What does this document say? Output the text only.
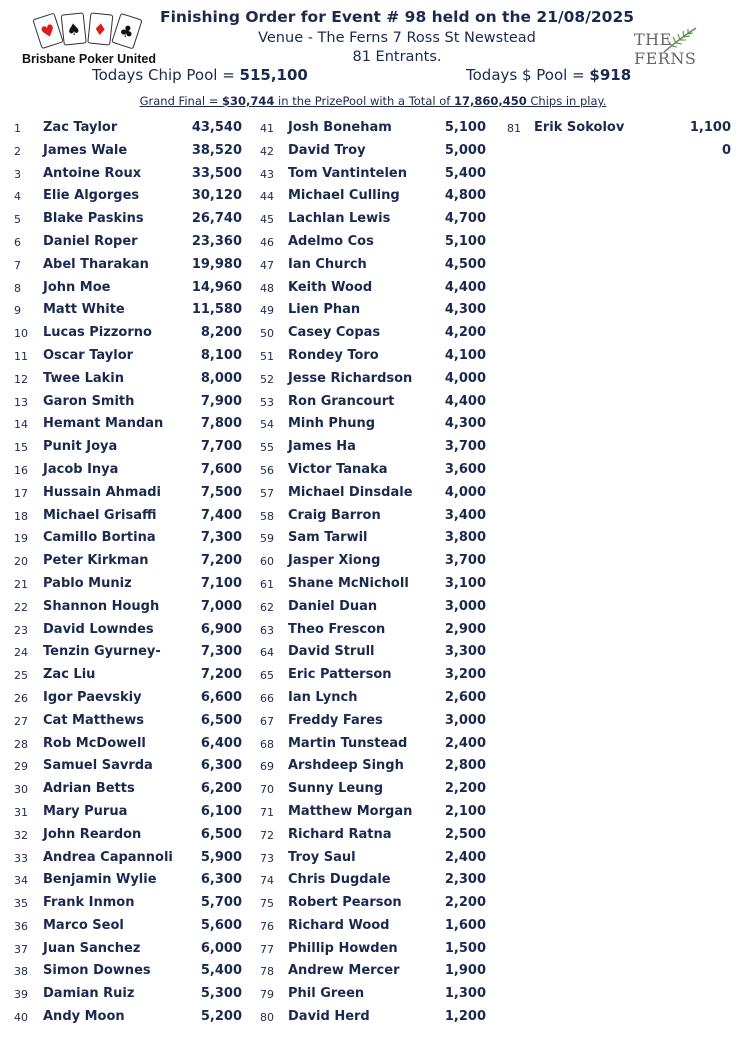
♥ ♠ ♦ ♣
Brisbane Poker United
THE FERNS
Finishing Order for Event # 98 held on the 21/08/2025
Venue - The Ferns 7 Ross St Newstead
81 Entrants.
Todays Chip Pool = 515,100	Todays $ Pool = $918
Grand Final = $30,744 in the PrizePool with a Total of 17,860,450 Chips in play.
1 Zac Taylor	43,540
2 James Wale	38,520
3 Antoine Roux	33,500
4 Elie Algorges	30,120
5 Blake Paskins	26,740
6 Daniel Roper	23,360
7 Abel Tharakan	19,980
8 John Moe	14,960
9 Matt White	11,580
10 Lucas Pizzorno	8,200
11 Oscar Taylor	8,100
12 Twee Lakin	8,000
13 Garon Smith	7,900
14 Hemant Mandan	7,800
15 Punit Joya	7,700
16 Jacob Inya	7,600
17 Hussain Ahmadi	7,500
18 Michael Grisaffi	7,400
19 Camillo Bortina	7,300
20 Peter Kirkman	7,200
21 Pablo Muniz	7,100
22 Shannon Hough	7,000
23 David Lowndes	6,900
24 Tenzin Gyurney-	7,300
25 Zac Liu	7,200
26 Igor Paevskiy	6,600
27 Cat Matthews	6,500
28 Rob McDowell	6,400
29 Samuel Savrda	6,300
30 Adrian Betts	6,200
31 Mary Purua	6,100
32 John Reardon	6,500
33 Andrea Capannoli	5,900
34 Benjamin Wylie	6,300
35 Frank Inmon	5,700
36 Marco Seol	5,600
37 Juan Sanchez	6,000
38 Simon Downes	5,400
39 Damian Ruiz	5,300
40 Andy Moon	5,200
41 Josh Boneham	5,100
42 David Troy	5,000
43 Tom Vantintelen	5,400
44 Michael Culling	4,800
45 Lachlan Lewis	4,700
46 Adelmo Cos	5,100
47 Ian Church	4,500
48 Keith Wood	4,400
49 Lien Phan	4,300
50 Casey Copas	4,200
51 Rondey Toro	4,100
52 Jesse Richardson	4,000
53 Ron Grancourt	4,400
54 Minh Phung	4,300
55 James Ha	3,700
56 Victor Tanaka	3,600
57 Michael Dinsdale	4,000
58 Craig Barron	3,400
59 Sam Tarwil	3,800
60 Jasper Xiong	3,700
61 Shane McNicholl	3,100
62 Daniel Duan	3,000
63 Theo Frescon	2,900
64 David Strull	3,300
65 Eric Patterson	3,200
66 Ian Lynch	2,600
67 Freddy Fares	3,000
68 Martin Tunstead	2,400
69 Arshdeep Singh	2,800
70 Sunny Leung	2,200
71 Matthew Morgan	2,100
72 Richard Ratna	2,500
73 Troy Saul	2,400
74 Chris Dugdale	2,300
75 Robert Pearson	2,200
76 Richard Wood	1,600
77 Phillip Howden	1,500
78 Andrew Mercer	1,900
79 Phil Green	1,300
80 David Herd	1,200
81 Erik Sokolov	1,100
0
